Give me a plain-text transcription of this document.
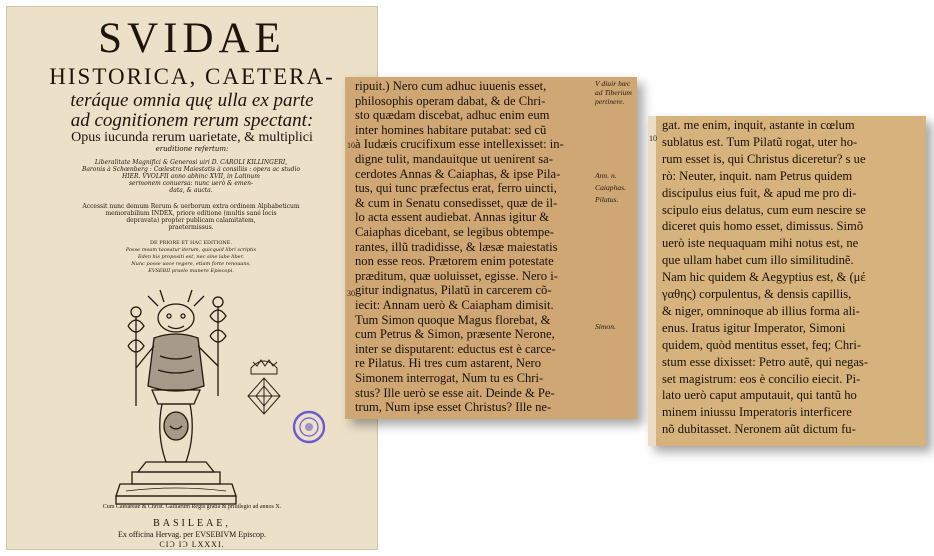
SVIDAE
HISTORICA, CAETERA-
teráque omnia quę ulla ex parte
ad cognitionem rerum spectant:
Opus iucunda rerum uarietate, & multiplici
eruditione refertum:
Liberalitate Magnifici & Generosi uiri D. CAROLI KILLINGERI,
Baronis à Schœnberg : Cœlestra Maiestatis à consiliis : opera ac studio
HIER. VVOLFII anno abhinc XVII, in Latinum
sermonem conuersa: nunc uerò & emen-
data, & aucta.
Accessit nunc demum Rerum & uerborum extra ordinem Alphabeticum
memorabilium INDEX, priore editione (multis sané locis
depravata) propter publicam calamitatem,
praetermissus.
DE PRIORE ET HAC EDITIONE.
Posse meam taceatur iterum, quicquid libri scriptis
Eden his propositi est, nec sine labe liber.
Nunc posse uoce regere, etiam forte renouans,
EVSEBII praelo munere Episcopi.
Cum Caesareae & Christ. Galliarum Regis gratia & priuilegio ad annos X.
BASILEAE,
Ex officina Hervag. per EVSEBIVM Episcop.
CIƆ IƆ LXXXI.
ripuit.) Nero cum adhuc iuuenis esset,
philosophis operam dabat, & de Chri-
sto quædam discebat, adhuc enim eum
inter homines habitare putabat: sed cũ
à Iudæis crucifixum esse intellexisset: in-
digne tulit, mandauitque ut uenirent sa-
cerdotes Annas & Caiaphas, & ipse Pila-
tus, qui tunc præfectus erat, ferro uincti,
& cum in Senatu consedisset, quæ de il-
lo acta essent audiebat. Annas igitur &
Caiaphas dicebant, se legibus obtempe-
rantes, illũ tradidisse, & læsæ maiestatis
non esse reos. Prætorem enim potestate
præditum, quæ uoluisset, egisse. Nero i-
gitur indignatus, Pilatũ in carcerem cõ-
iecit: Annam uerò & Caiapham dimisit.
Tum Simon quoque Magus florebat, &
cum Petrus & Simon, præsente Nerone,
inter se disputarent: eductus est è carce-
re Pilatus. Hi tres cum astarent, Nero
Simonem interrogat, Num tu es Chri-
stus? Ille uerò se esse ait. Deinde & Pe-
trum, Num ipse esset Christus? Ille ne-
V diuir hæc
ad Tiberium
pertinere.
Ann. n.
Caiaphas.
Pilatus.
Simon.
10
30
gat. me enim, inquit, astante in cœlum
sublatus est. Tum Pilatũ rogat, uter ho-
rum esset is, qui Christus diceretur? s ue
rò: Neuter, inquit. nam Petrus quidem
discipulus eius fuit, & apud me pro di-
scipulo eius delatus, cum eum nescire se
diceret quis homo esset, dimissus. Simõ
uerò iste nequaquam mihi notus est, ne
que ullam habet cum illo similitudinẽ.
Nam hic quidem & Aegyptius est, & (μέ
γαθης) corpulentus, & densis capillis,
& niger, omninoque ab illius forma ali-
enus. Iratus igitur Imperator, Simoni
quidem, quòd mentitus esset, feq; Chri-
stum esse dixisset: Petro autẽ, qui negas-
set magistrum: eos è concilio eiecit. Pi-
lato uerò caput amputauit, qui tantũ ho
minem iniussu Imperatoris interficere
nõ dubitasset. Neronem aũt dictum fu-
10
